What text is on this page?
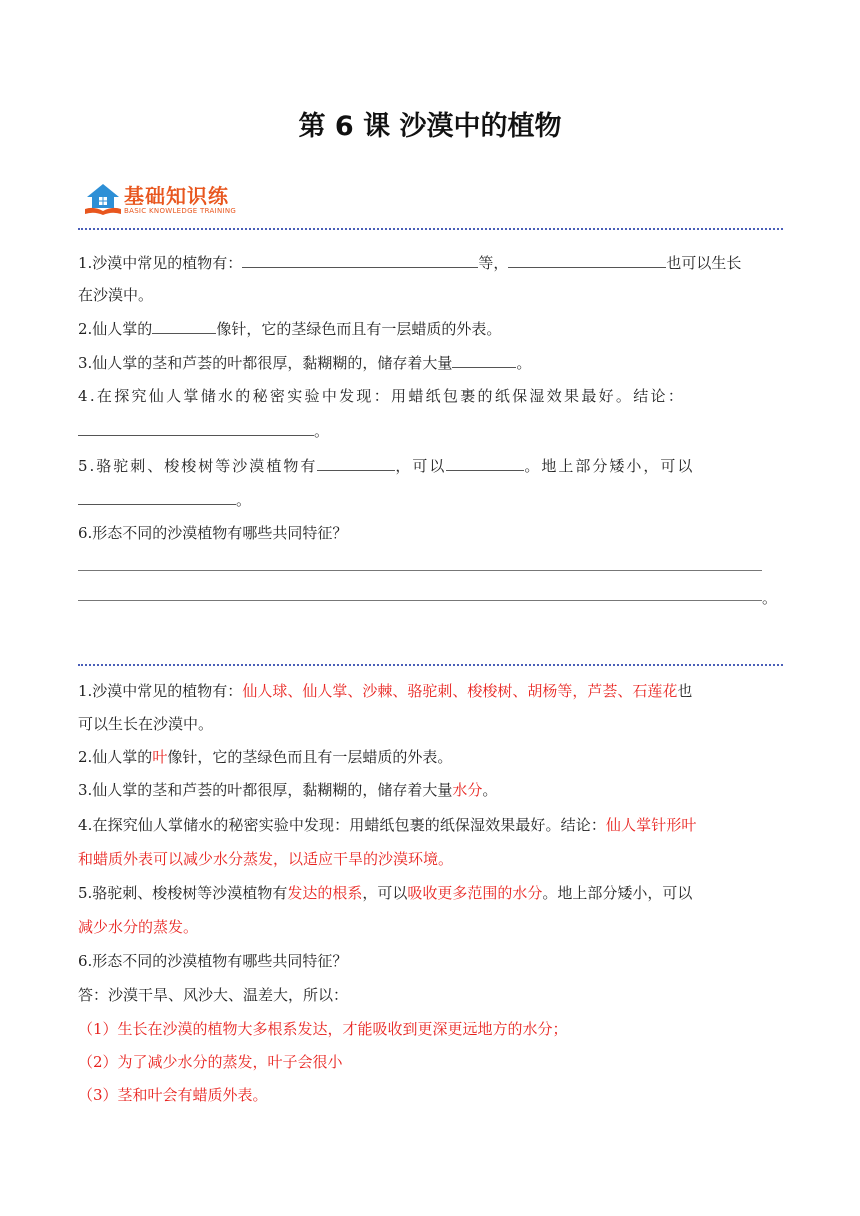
第 6 课 沙漠中的植物
基础知识练
BASIC KNOWLEDGE TRAINING
1.沙漠中常见的植物有：	等，	也可以生长
在沙漠中。
2.仙人掌的	像针，它的茎绿色而且有一层蜡质的外表。
3.仙人掌的茎和芦荟的叶都很厚，黏糊糊的，储存着大量	。
4.在探究仙人掌储水的秘密实验中发现：用蜡纸包裹的纸保湿效果最好。结论：
。
5.骆驼刺、梭梭树等沙漠植物有	，可以	。地上部分矮小，可以
。
6.形态不同的沙漠植物有哪些共同特征？
。
1.沙漠中常见的植物有：仙人球、仙人掌、沙棘、骆驼刺、梭梭树、胡杨等，芦荟、石莲花也
可以生长在沙漠中。
2.仙人掌的叶像针，它的茎绿色而且有一层蜡质的外表。
3.仙人掌的茎和芦荟的叶都很厚，黏糊糊的，储存着大量水分。
4.在探究仙人掌储水的秘密实验中发现：用蜡纸包裹的纸保湿效果最好。结论：仙人掌针形叶
和蜡质外表可以减少水分蒸发，以适应干旱的沙漠环境。
5.骆驼刺、梭梭树等沙漠植物有发达的根系，可以吸收更多范围的水分。地上部分矮小，可以
减少水分的蒸发。
6.形态不同的沙漠植物有哪些共同特征？
答：沙漠干旱、风沙大、温差大，所以：
（1）生长在沙漠的植物大多根系发达，才能吸收到更深更远地方的水分；
（2）为了减少水分的蒸发，叶子会很小
（3）茎和叶会有蜡质外表。
